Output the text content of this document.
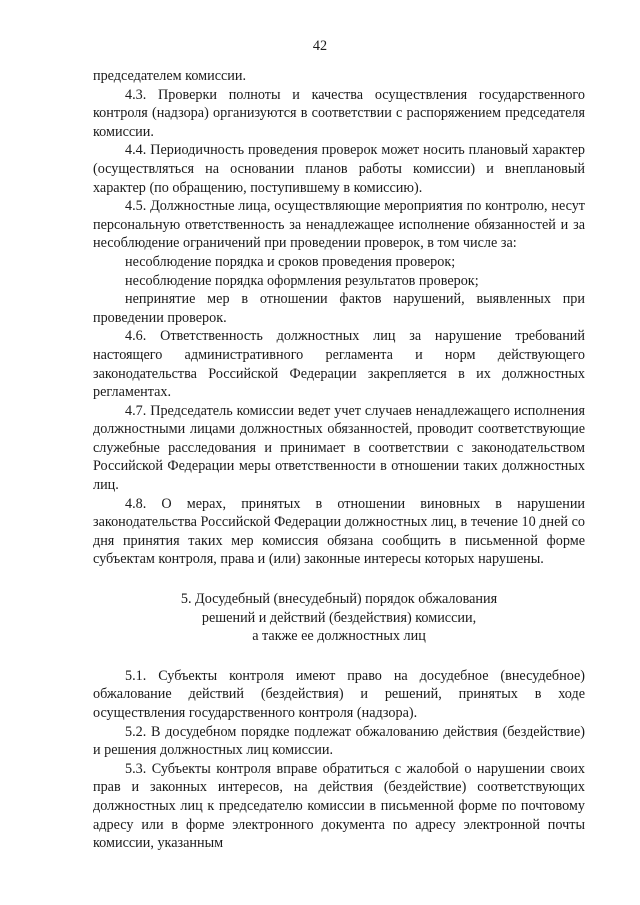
42

председателем комиссии.

4.3. Проверки полноты и качества осуществления государственного контроля (надзора) организуются в соответствии с распоряжением председателя комиссии.

4.4. Периодичность проведения проверок может носить плановый характер (осуществляться на основании планов работы комиссии) и внеплановый характер (по обращению, поступившему в комиссию).

4.5. Должностные лица, осуществляющие мероприятия по контролю, несут персональную ответственность за ненадлежащее исполнение обязанностей и за несоблюдение ограничений при проведении проверок, в том числе за:

несоблюдение порядка и сроков проведения проверок;

несоблюдение порядка оформления результатов проверок;

непринятие мер в отношении фактов нарушений, выявленных при проведении проверок.

4.6. Ответственность должностных лиц за нарушение требований настоящего административного регламента и норм действующего законодательства Российской Федерации закрепляется в их должностных регламентах.

4.7. Председатель комиссии ведет учет случаев ненадлежащего исполнения должностными лицами должностных обязанностей, проводит соответствующие служебные расследования и принимает в соответствии с законодательством Российской Федерации меры ответственности в отношении таких должностных лиц.

4.8. О мерах, принятых в отношении виновных в нарушении законодательства Российской Федерации должностных лиц, в течение 10 дней со дня принятия таких мер комиссия обязана сообщить в письменной форме субъектам контроля, права и (или) законные интересы которых нарушены.

5. Досудебный (внесудебный) порядок обжалования
решений и действий (бездействия) комиссии,
а также ее должностных лиц

5.1. Субъекты контроля имеют право на досудебное (внесудебное) обжалование действий (бездействия) и решений, принятых в ходе осуществления государственного контроля (надзора).

5.2. В досудебном порядке подлежат обжалованию действия (бездействие) и решения должностных лиц комиссии.

5.3. Субъекты контроля вправе обратиться с жалобой о нарушении своих прав и законных интересов, на действия (бездействие) соответствующих должностных лиц к председателю комиссии в письменной форме по почтовому адресу или в форме электронного документа по адресу электронной почты комиссии, указанным
